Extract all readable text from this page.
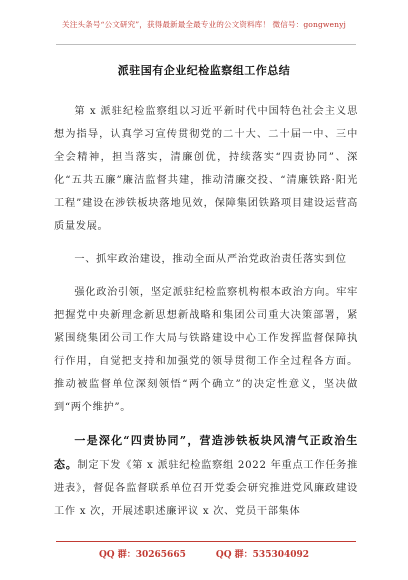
关注头条号“公文研究”，获得最新最全最专业的公文资料库！ 微信号：gongwenyj
派驻国有企业纪检监察组工作总结

第 x 派驻纪检监察组以习近平新时代中国特色社会主义思想为指导，认真学习宣传贯彻党的二十大、二十届一中、三中全会精神，担当落实，清廉创优，持续落实“四责协同”、深化“五共五廉”廉洁监督共建，推动清廉交投、“清廉铁路·阳光工程”建设在涉铁板块落地见效，保障集团铁路项目建设运营高质量发展。

一、抓牢政治建设，推动全面从严治党政治责任落实到位

强化政治引领，坚定派驻纪检监察机构根本政治方向。牢牢把握党中央新理念新思想新战略和集团公司重大决策部署，紧紧围绕集团公司工作大局与铁路建设中心工作发挥监督保障执行作用，自觉把支持和加强党的领导贯彻工作全过程各方面。推动被监督单位深刻领悟“两个确立”的决定性意义，坚决做到“两个维护”。

一是深化“四责协同”，营造涉铁板块风清气正政治生态。制定下发《第 x 派驻纪检监察组 2022 年重点工作任务推进表》，督促各监督联系单位召开党委会研究推进党风廉政建设工作 x 次，开展述职述廉评议 x 次、党员干部集体

QQ 群：30265665	QQ 群：535304092
